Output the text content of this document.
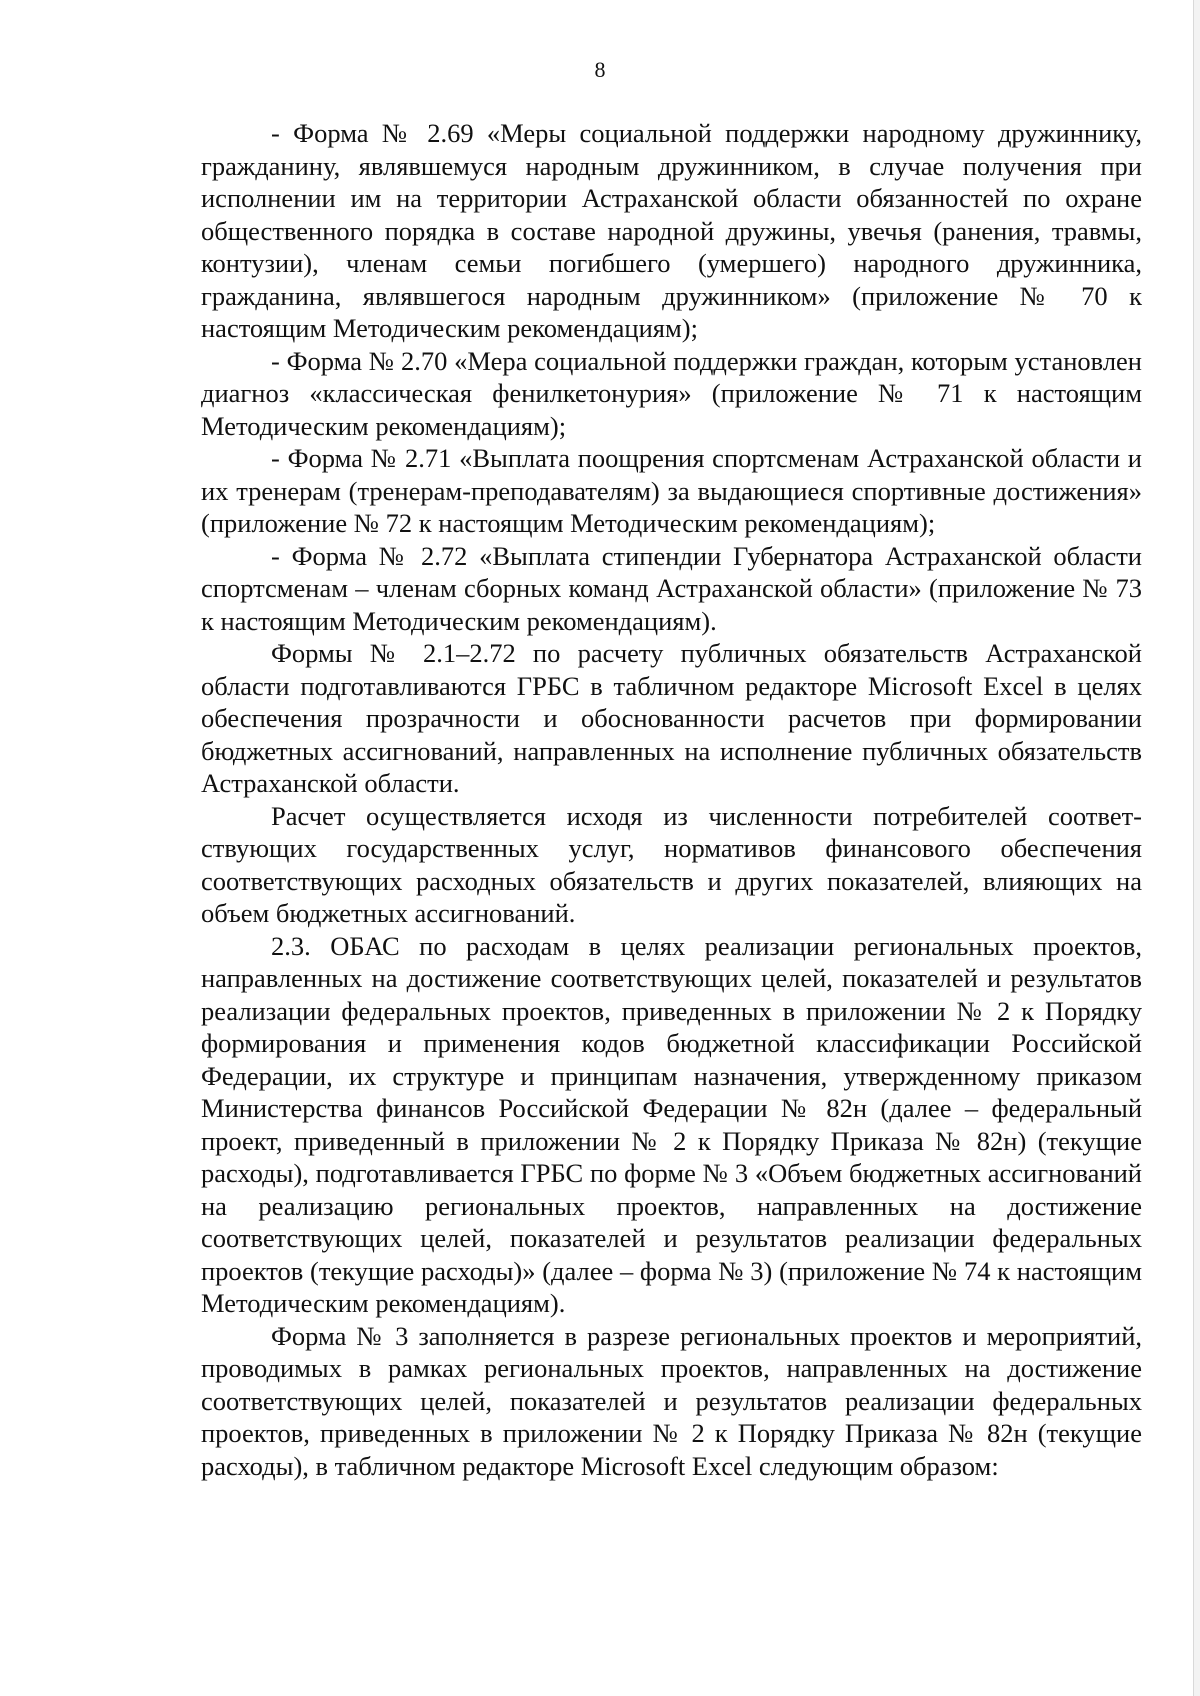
8

- Форма № 2.69 «Меры социальной поддержки народному дружиннику, гражданину, являвшемуся народным дружинником, в случае получения при исполнении им на территории Астраханской области обязанностей по охране общественного порядка в составе народной дружины, увечья (ранения, травмы, контузии), членам семьи погибшего (умершего) народного дружинника, гражданина, являвшегося народным дружинником» (приложение № 70 к настоящим Методическим рекомендациям);

- Форма № 2.70 «Мера социальной поддержки граждан, которым установлен диагноз «классическая фенилкетонурия» (приложение № 71 к настоящим Методическим рекомендациям);

- Форма № 2.71 «Выплата поощрения спортсменам Астраханской области и их тренерам (тренерам-преподавателям) за выдающиеся спортивные достижения» (приложение № 72 к настоящим Методическим рекомендациям);

- Форма № 2.72 «Выплата стипендии Губернатора Астраханской области спортсменам – членам сборных команд Астраханской области» (приложение № 73 к настоящим Методическим рекомендациям).

Формы № 2.1–2.72 по расчету публичных обязательств Астраханской области подготавливаются ГРБС в табличном редакторе Microsoft Excel в целях обеспечения прозрачности и обоснованности расчетов при формировании бюджетных ассигнований, направленных на исполнение публичных обязательств Астраханской области.

Расчет осуществляется исходя из численности потребителей соответствующих государственных услуг, нормативов финансового обеспечения соответствующих расходных обязательств и других показателей, влияющих на объем бюджетных ассигнований.

2.3. ОБАС по расходам в целях реализации региональных проектов, направленных на достижение соответствующих целей, показателей и результатов реализации федеральных проектов, приведенных в приложении № 2 к Порядку формирования и применения кодов бюджетной классификации Российской Федерации, их структуре и принципам назначения, утвержденному приказом Министерства финансов Российской Федерации № 82н (далее – федеральный проект, приведенный в приложении № 2 к Порядку Приказа № 82н) (текущие расходы), подготавливается ГРБС по форме № 3 «Объем бюджетных ассигнований на реализацию региональных проектов, направленных на достижение соответствующих целей, показателей и результатов реализации федеральных проектов (текущие расходы)» (далее – форма № 3) (приложение № 74 к настоящим Методическим рекомендациям).

Форма № 3 заполняется в разрезе региональных проектов и мероприятий, проводимых в рамках региональных проектов, направленных на достижение соответствующих целей, показателей и результатов реализации федеральных проектов, приведенных в приложении № 2 к Порядку Приказа № 82н (текущие расходы), в табличном редакторе Microsoft Excel следующим образом:
